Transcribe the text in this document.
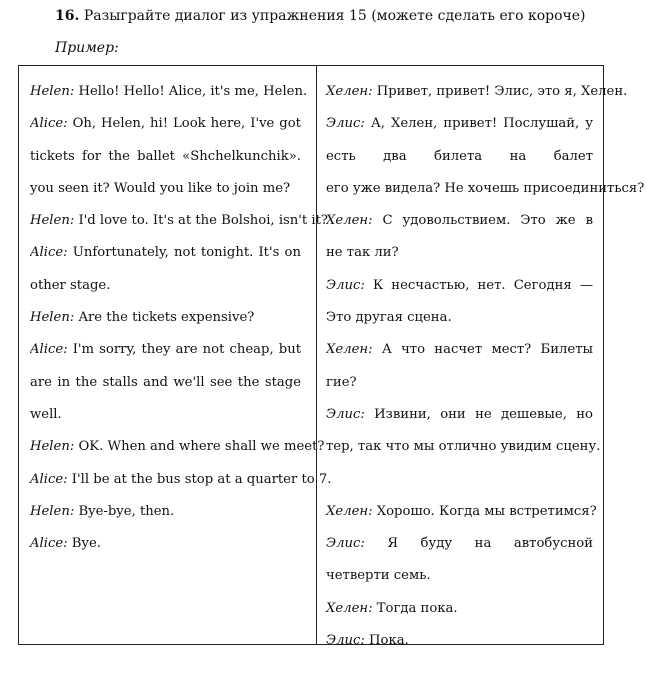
16. Разыграйте диалог из упражнения 15 (можете сделать его короче)
Пример:
Helen: Hello! Hello! Alice, it's me, Helen.
Alice: Oh, Helen, hi! Look here, I've got
tickets for the ballet «Shchelkunchik».
you seen it? Would you like to join me?
Helen: I'd love to. It's at the Bolshoi, isn't it?
Alice: Unfortunately, not tonight. It's on
other stage.
Helen: Are the tickets expensive?
Alice: I'm sorry, they are not cheap, but
are in the stalls and we'll see the stage
well.
Helen: OK. When and where shall we meet?
Alice: I'll be at the bus stop at a quarter to 7.
Helen: Bye-bye, then.
Alice: Bye.
Хелен: Привет, привет! Элис, это я, Хелен.
Элис: А, Хелен, привет! Послушай, у
есть два билета на балет
его уже видела? Не хочешь присоединиться?
Хелен: С удовольствием. Это же в
не так ли?
Элис: К несчастью, нет. Сегодня —
Это другая сцена.
Хелен: А что насчет мест? Билеты
гие?
Элис: Извини, они не дешевые, но
тер, так что мы отлично увидим сцену.
Хелен: Хорошо. Когда мы встретимся?
Элис: Я буду на автобусной
четверти семь.
Хелен: Тогда пока.
Элис: Пока.
